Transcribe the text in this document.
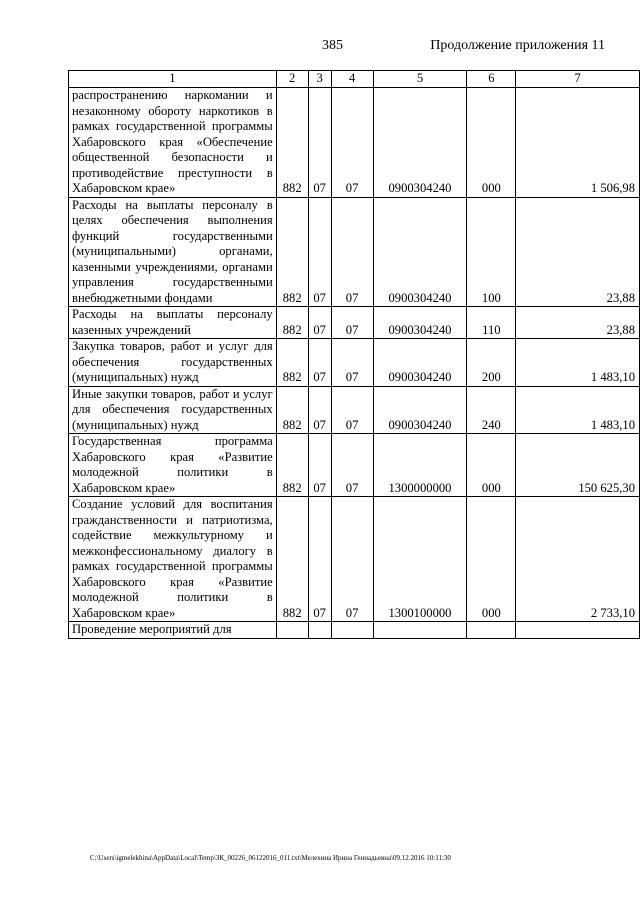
385	Продолжение приложения 11
1	2	3	4	5	6	7
распространению наркомании и незаконному обороту наркотиков в рамках государственной программы Хабаровского края «Обеспечение общественной безопасности и противодействие преступности в Хабаровском крае»	882	07	07	0900304240	000	1 506,98
Расходы на выплаты персоналу в целях обеспечения выполнения функций государственными (муниципальными) органами, казенными учреждениями, органами управления государственными внебюджетными фондами	882	07	07	0900304240	100	23,88
Расходы на выплаты персоналу казенных учреждений	882	07	07	0900304240	110	23,88
Закупка товаров, работ и услуг для обеспечения государственных (муниципальных) нужд	882	07	07	0900304240	200	1 483,10
Иные закупки товаров, работ и услуг для обеспечения государственных (муниципальных) нужд	882	07	07	0900304240	240	1 483,10
Государственная программа Хабаровского края «Развитие молодежной политики в Хабаровском крае»	882	07	07	1300000000	000	150 625,30
Создание условий для воспитания гражданственности и патриотизма, содействие межкультурному и межконфессиональному диалогу в рамках государственной программы Хабаровского края «Развитие молодежной политики в Хабаровском крае»	882	07	07	1300100000	000	2 733,10
Проведение мероприятий для						
C:\Users\igmelekhina\AppData\Local\Temp\ЗК_00226_06122016_011.txt\Мелехина Ирина Геннадьевна\09.12.2016 10:11:30
